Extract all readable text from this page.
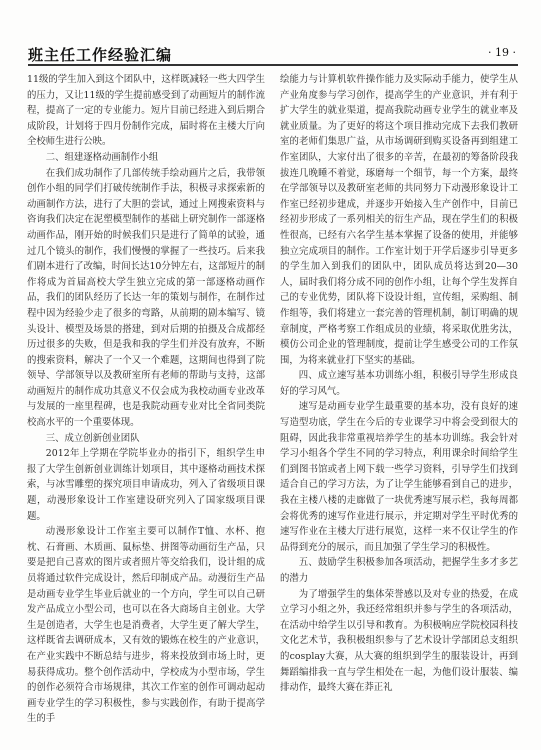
班主任工作经验汇编	· 19 ·

11级的学生加入到这个团队中，这样既减轻一些大四学生的压力，又让11级的学生提前感受到了动画短片的制作流程，提高了一定的专业能力。短片目前已经进入到后期合成阶段，计划将于四月份制作完成，届时将在主楼大厅向全校师生进行公映。

二、组建逐格动画制作小组

在我们成功制作了几部传统手绘动画片之后，我带领创作小组的同学们打破传统制作手法，积极寻求探索新的动画制作方法，进行了大胆的尝试，通过上网搜索资料与咨询我们决定在泥塑模型制作的基础上研究制作一部逐格动画作品，刚开始的时候我们只是进行了简单的试验，通过几个镜头的制作，我们慢慢的掌握了一些技巧。后来我们剧本进行了改编，时间长达10分钟左右，这部短片的制作将成为首届高校大学生独立完成的第一部逐格动画作品，我们的团队经历了长达一年的策划与制作，在制作过程中因为经验少走了很多的弯路，从前期的剧本编写、镜头设计、模型及场景的搭建，到对后期的拍摄及合成都经历过很多的失败，但是我和我的学生们并没有放弃，不断的搜索资料，解决了一个又一个难题，这期间也得到了院领导、学部领导以及教研室所有老师的帮助与支持，这部动画短片的制作成功其意义不仅会成为我校动画专业改革与发展的一座里程碑，也是我院动画专业对比全省同类院校高水平的一个重要体现。

三、成立创新创业团队

2012年上学期在学院毕业办的指引下，组织学生申报了大学生创新创业训练计划项目，其中逐格动画技术探索，与冰雪雕塑的探究项目申请成功，列入了省级项目课题，动漫形象设计工作室建设研究列入了国家级项目课题。

动漫形象设计工作室主要可以制作T恤、水杯、抱枕、石膏画、木质画、鼠标垫、拼图等动画衍生产品，只要是把自己喜欢的图片或者照片等交给我们，设计组的成员将通过软件完成设计，然后印制成产品。动漫衍生产品是动画专业学生毕业后就业的一个方向，学生可以自己研发产品成立小型公司，也可以在各大商场自主创业。大学生是创造者，大学生也是消费者，大学生更了解大学生，这样既省去调研成本，又有效的锻炼在校生的产业意识，在产业实践中不断总结与进步，将来投放到市场上时，更易获得成功。整个创作活动中，学校成为小型市场，学生的创作必须符合市场规律，其次工作室的创作可调动起动画专业学生的学习积极性，参与实践创作，有助于提高学生的手

绘能力与计算机软件操作能力及实际动手能力，使学生从产业角度参与学习创作，提高学生的产业意识，并有利于扩大学生的就业渠道，提高我院动画专业学生的就业率及就业质量。为了更好的将这个项目推动完成下去我们教研室的老师们集思广益，从市场调研到购买设备再到组建工作室团队，大家付出了很多的辛苦，在最初的筹备阶段我拔连几晚睡不着觉，琢磨每一个细节，每一个方案，最终在学部领导以及教研室老师的共同努力下动漫形象设计工作室已经初步建成，并逐步开始接入生产创作中，目前已经初步形成了一系列相关的衍生产品，现在学生们的积极性很高，已经有六名学生基本掌握了设备的使用，并能够独立完成项目的制作。工作室计划于开学后逐步引导更多的学生加入到我们的团队中，团队成员将达到20—30人，届时我们将分成不同的创作小组，让每个学生发挥自己的专业优势，团队将下设设计组，宣传组，采购组、制作组等，我们将建立一套完善的管理机制，制订明确的规章制度，严格考察工作组成员的业绩，将采取优胜劣汰，模仿公司企业的管理制度，提前让学生感受公司的工作氛围，为将来就业打下坚实的基础。

四、成立速写基本功训练小组，积极引导学生形成良好的学习风气。

速写是动画专业学生最重要的基本功，没有良好的速写造型功底，学生在今后的专业课学习中将会受到很大的阻碍，因此我非常重视培养学生的基本功训练。我会针对学习小组各个学生不同的学习特点，利用课余时间给学生们到图书馆或者上网下载一些学习资料，引导学生们找到适合自己的学习方法，为了让学生能够看到自己的进步，我在主楼八楼的走廊做了一块优秀速写展示栏，我每周都会将优秀的速写作业进行展示，并定期对学生平时优秀的速写作业在主楼大厅进行展览，这样一来不仅让学生的作品得到充分的展示，而且加强了学生学习的积极性。

五、鼓励学生积极参加各项活动，把握学生多才多艺的潜力

为了增强学生的集体荣誉感以及对专业的热爱，在成立学习小组之外，我还经常组织并参与学生的各项活动，在活动中给学生以引导和教育。为积极响应学院校园科技文化艺术节，我积极组织参与了艺术设计学部团总支组织的cosplay大赛，从大赛的组织到学生的服装设计，再到舞蹈编排我一直与学生相处在一起，为他们设计服装、编排动作，最终大赛在莽正礼
